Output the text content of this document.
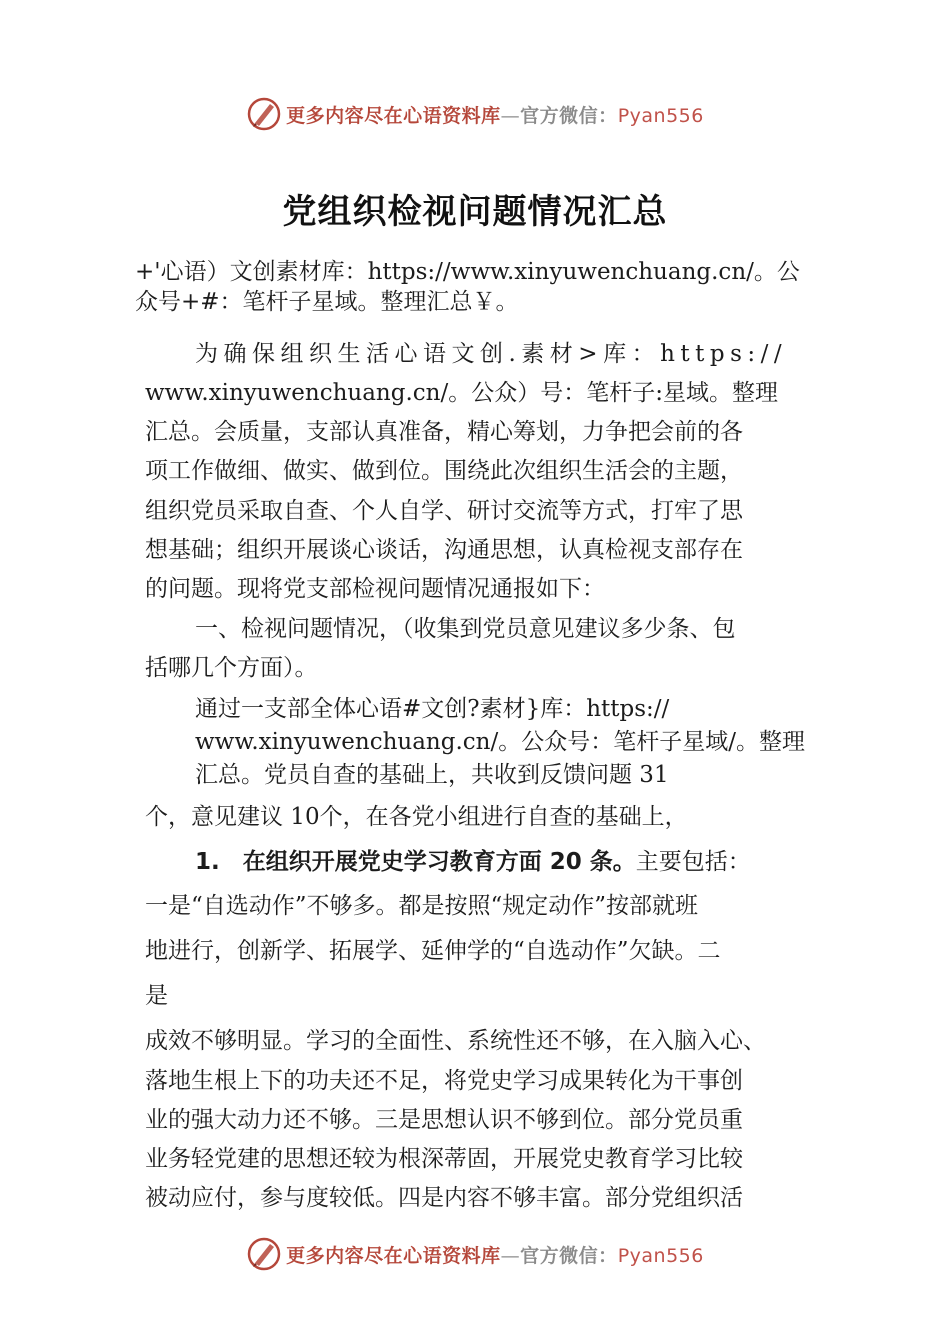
更多内容尽在心语资料库—官方微信：Pyan556
党组织检视问题情况汇总
+'心语）文创素材库：https://www.xinyuwenchuang.cn/。公
众号+#：笔杆子星域。整理汇总￥。
为确保组织生活心语文创.素材>库：https://
www.xinyuwenchuang.cn/。公众）号：笔杆子:星域。整理
汇总。会质量，支部认真准备，精心筹划，力争把会前的各
项工作做细、做实、做到位。围绕此次组织生活会的主题，
组织党员采取自查、个人自学、研讨交流等方式，打牢了思
想基础；组织开展谈心谈话，沟通思想，认真检视支部存在
的问题。现将党支部检视问题情况通报如下：
一、检视问题情况，（收集到党员意见建议多少条、包
括哪几个方面）。
通过一支部全体心语#文创?素材}库：https://
www.xinyuwenchuang.cn/。公众号：笔杆子星域/。整理
汇总。党员自查的基础上，共收到反馈问题 31
个，意见建议 10个，在各党小组进行自查的基础上，
1.　在组织开展党史学习教育方面 20 条。主要包括：
一是“自选动作”不够多。都是按照“规定动作”按部就班
地进行，创新学、拓展学、延伸学的“自选动作”欠缺。二
是
成效不够明显。学习的全面性、系统性还不够，在入脑入心、
落地生根上下的功夫还不足，将党史学习成果转化为干事创
业的强大动力还不够。三是思想认识不够到位。部分党员重
业务轻党建的思想还较为根深蒂固，开展党史教育学习比较
被动应付，参与度较低。四是内容不够丰富。部分党组织活
更多内容尽在心语资料库—官方微信：Pyan556
